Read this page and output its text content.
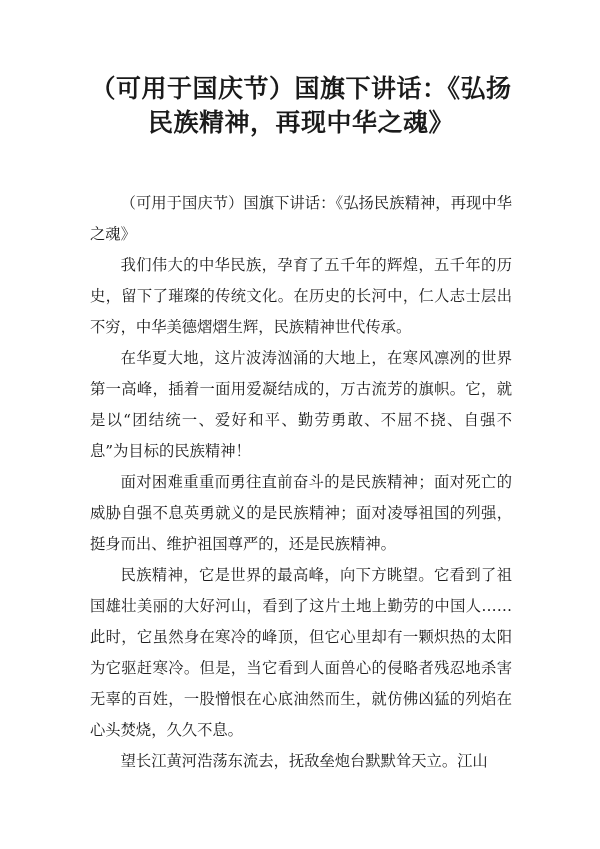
（可用于国庆节）国旗下讲话：《弘扬
民族精神，再现中华之魂》

（可用于国庆节）国旗下讲话：《弘扬民族精神，再现中华之魂》

我们伟大的中华民族，孕育了五千年的辉煌，五千年的历史，留下了璀璨的传统文化。在历史的长河中，仁人志士层出不穷，中华美德熠熠生辉，民族精神世代传承。

在华夏大地，这片波涛汹涌的大地上，在寒风凛冽的世界第一高峰，插着一面用爱凝结成的，万古流芳的旗帜。它，就是以“团结统一、爱好和平、勤劳勇敢、不屈不挠、自强不息”为目标的民族精神！

面对困难重重而勇往直前奋斗的是民族精神；面对死亡的威胁自强不息英勇就义的是民族精神；面对凌辱祖国的列强，挺身而出、维护祖国尊严的，还是民族精神。

民族精神，它是世界的最高峰，向下方眺望。它看到了祖国雄壮美丽的大好河山，看到了这片土地上勤劳的中国人……此时，它虽然身在寒冷的峰顶，但它心里却有一颗炽热的太阳为它驱赶寒冷。但是，当它看到人面兽心的侵略者残忍地杀害无辜的百姓，一股憎恨在心底油然而生，就仿佛凶猛的列焰在心头焚烧，久久不息。

望长江黄河浩荡东流去，抚敌垒炮台默默耸天立。江山
